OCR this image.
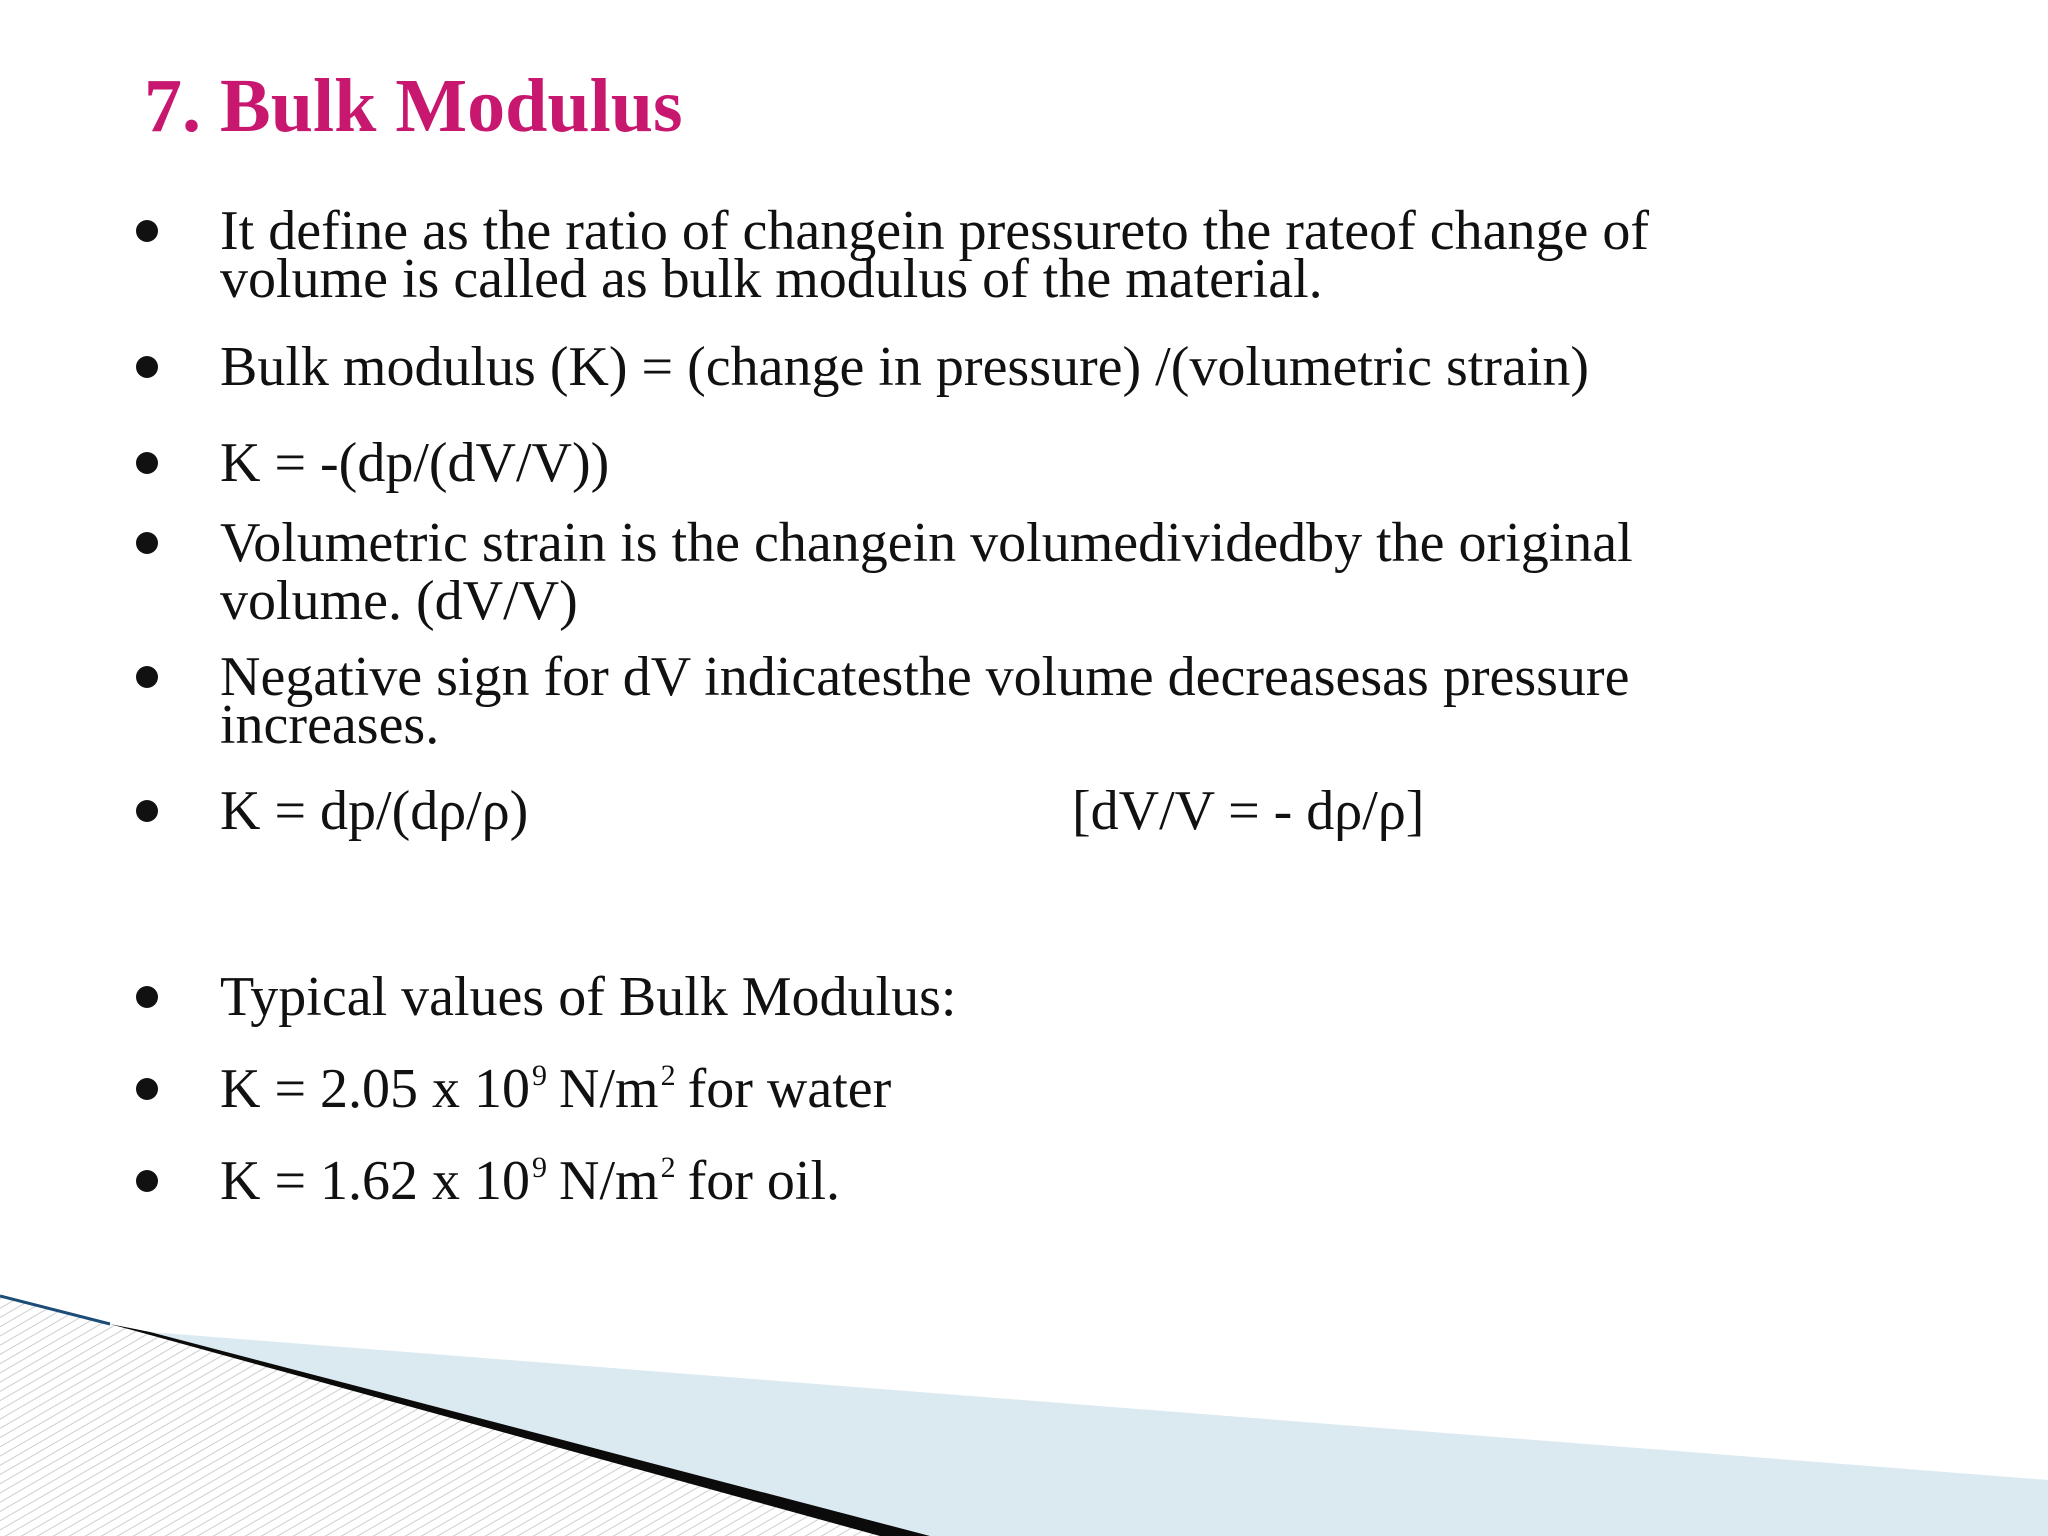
7. Bulk Modulus
It define as the ratio of changein pressureto the rateof change of
volume is called as bulk modulus of the material.
Bulk modulus (K) = (change in pressure) /(volumetric strain)
K = -(dp/(dV/V))
Volumetric strain is the changein volumedividedby the original
volume. (dV/V)
Negative sign for dV indicatesthe volume decreasesas pressure
increases.
K = dp/(dρ/ρ)	[dV/V = - dρ/ρ]
Typical values of Bulk Modulus:
K = 2.05 x $10^9$ $N/m^2$ for water
K = 1.62 x $10^9$ $N/m^2$ for oil.
